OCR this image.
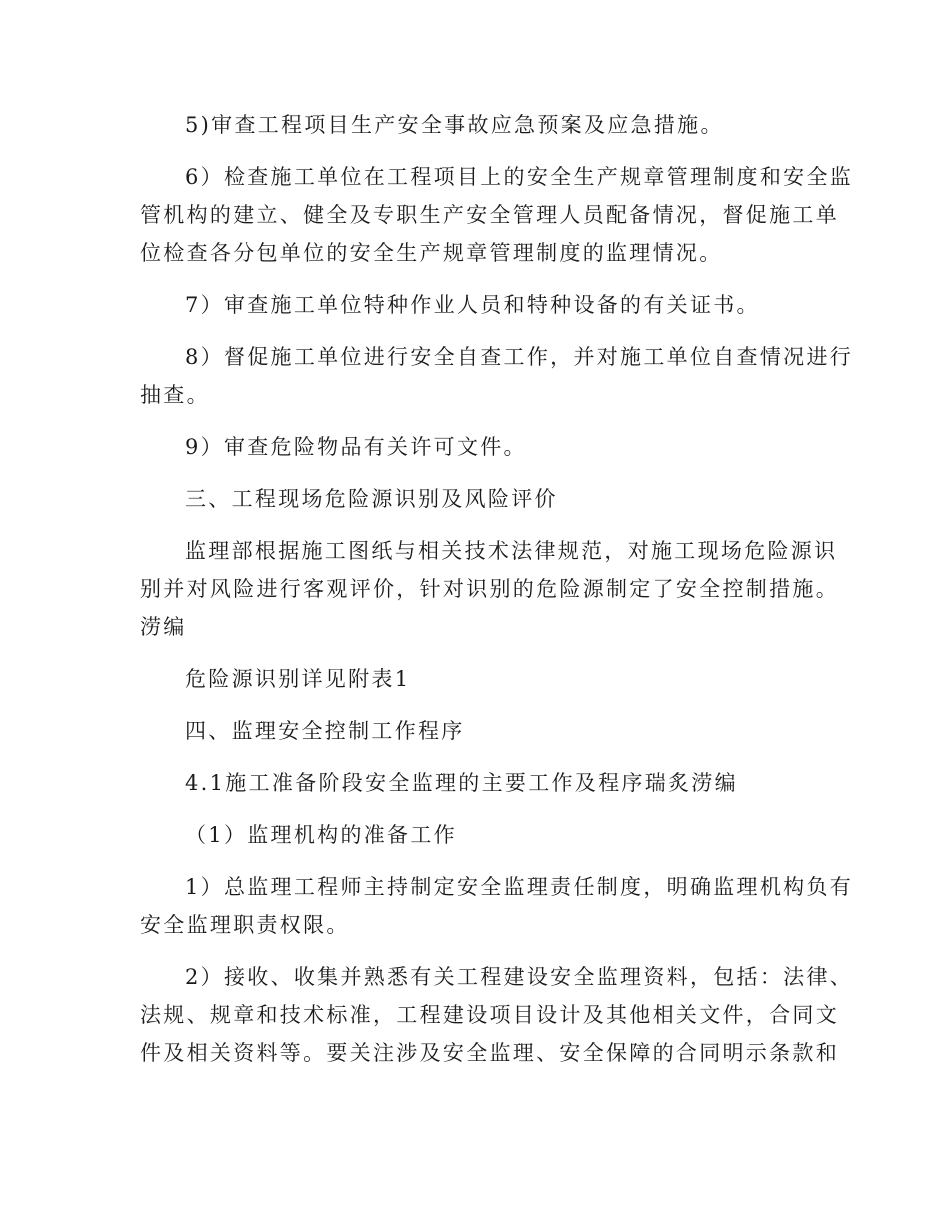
5)审查工程项目生产安全事故应急预案及应急措施。
6）检查施工单位在工程项目上的安全生产规章管理制度和安全监
管机构的建立、健全及专职生产安全管理人员配备情况，督促施工单
位检查各分包单位的安全生产规章管理制度的监理情况。
7）审查施工单位特种作业人员和特种设备的有关证书。
8）督促施工单位进行安全自查工作，并对施工单位自查情况进行
抽查。
9）审查危险物品有关许可文件。
三、工程现场危险源识别及风险评价
监理部根据施工图纸与相关技术法律规范，对施工现场危险源识
别并对风险进行客观评价，针对识别的危险源制定了安全控制措施。
涝编
危险源识别详见附表1
四、监理安全控制工作程序
4.1施工准备阶段安全监理的主要工作及程序瑞炙涝编
（1）监理机构的准备工作
1）总监理工程师主持制定安全监理责任制度，明确监理机构负有
安全监理职责权限。
2）接收、收集并熟悉有关工程建设安全监理资料，包括：法律、
法规、规章和技术标准，工程建设项目设计及其他相关文件，合同文
件及相关资料等。要关注涉及安全监理、安全保障的合同明示条款和
